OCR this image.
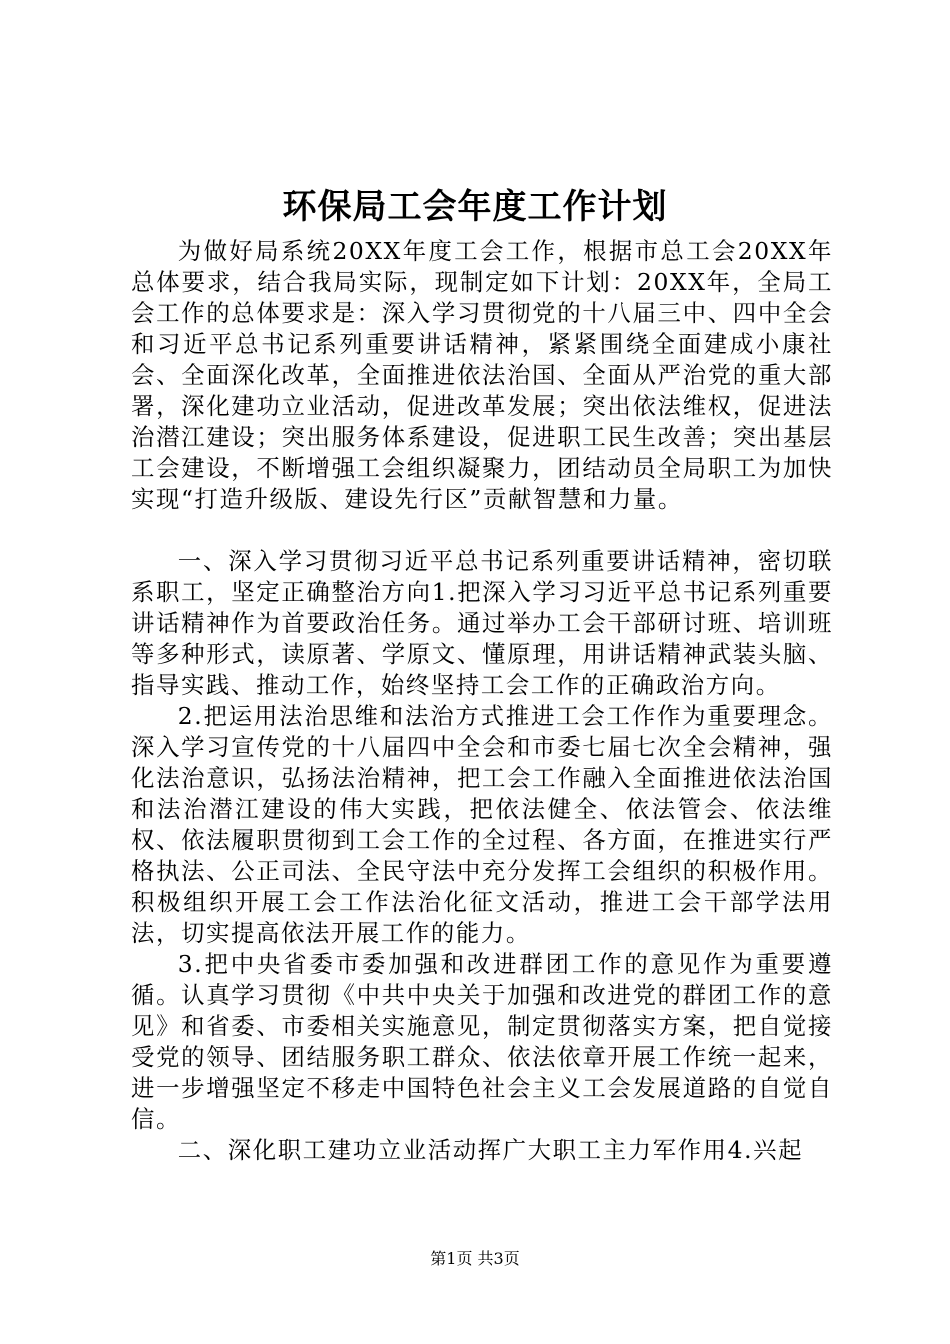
环保局工会年度工作计划

为做好局系统20XX年度工会工作，根据市总工会20XX年总体要求，结合我局实际，现制定如下计划：20XX年，全局工会工作的总体要求是：深入学习贯彻党的十八届三中、四中全会和习近平总书记系列重要讲话精神，紧紧围绕全面建成小康社会、全面深化改革，全面推进依法治国、全面从严治党的重大部署，深化建功立业活动，促进改革发展；突出依法维权，促进法治潜江建设；突出服务体系建设，促进职工民生改善；突出基层工会建设，不断增强工会组织凝聚力，团结动员全局职工为加快实现“打造升级版、建设先行区”贡献智慧和力量。

一、深入学习贯彻习近平总书记系列重要讲话精神，密切联系职工，坚定正确整治方向1.把深入学习习近平总书记系列重要讲话精神作为首要政治任务。通过举办工会干部研讨班、培训班等多种形式，读原著、学原文、懂原理，用讲话精神武装头脑、指导实践、推动工作，始终坚持工会工作的正确政治方向。

2.把运用法治思维和法治方式推进工会工作作为重要理念。深入学习宣传党的十八届四中全会和市委七届七次全会精神，强化法治意识，弘扬法治精神，把工会工作融入全面推进依法治国和法治潜江建设的伟大实践，把依法健全、依法管会、依法维权、依法履职贯彻到工会工作的全过程、各方面，在推进实行严格执法、公正司法、全民守法中充分发挥工会组织的积极作用。积极组织开展工会工作法治化征文活动，推进工会干部学法用法，切实提高依法开展工作的能力。

3.把中央省委市委加强和改进群团工作的意见作为重要遵循。认真学习贯彻《中共中央关于加强和改进党的群团工作的意见》和省委、市委相关实施意见，制定贯彻落实方案，把自觉接受党的领导、团结服务职工群众、依法依章开展工作统一起来，进一步增强坚定不移走中国特色社会主义工会发展道路的自觉自信。

二、深化职工建功立业活动挥广大职工主力军作用4.兴起

第1页 共3页
